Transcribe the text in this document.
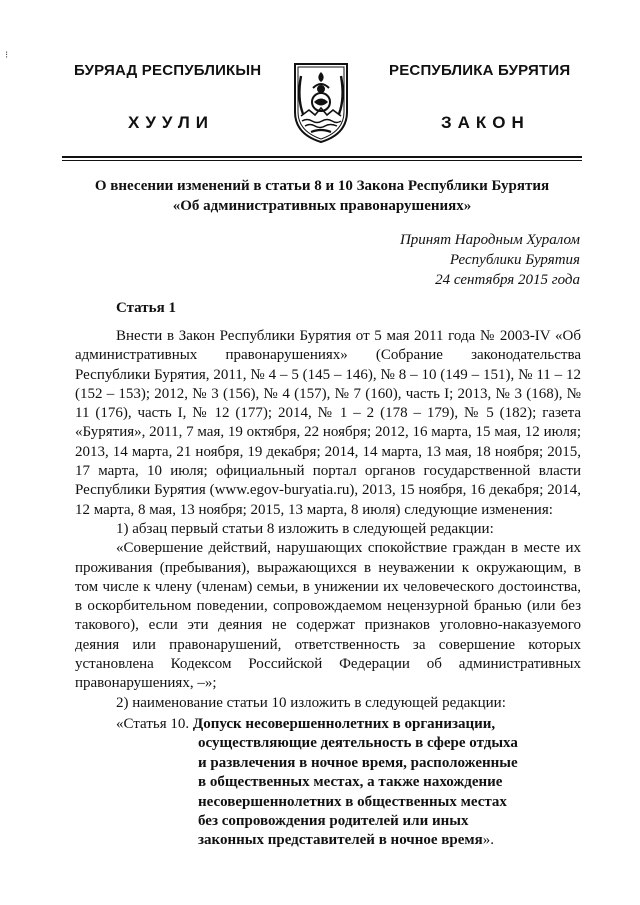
⁝
БУРЯАД РЕСПУБЛИКЫН
ХУУЛИ
РЕСПУБЛИКА БУРЯТИЯ
ЗАКОН
О внесении изменений в статьи 8 и 10 Закона Республики Бурятия
«Об административных правонарушениях»
Принят Народным Хуралом
Республики Бурятия
24 сентября 2015 года
Статья 1

Внести в Закон Республики Бурятия от 5 мая 2011 года № 2003-IV «Об административных правонарушениях» (Собрание законодательства Республики Бурятия, 2011, № 4 – 5 (145 – 146), № 8 – 10 (149 – 151), № 11 – 12 (152 – 153); 2012, № 3 (156), № 4 (157), № 7 (160), часть I; 2013, № 3 (168), № 11 (176), часть I, № 12 (177); 2014, № 1 – 2 (178 – 179), № 5 (182); газета «Бурятия», 2011, 7 мая, 19 октября, 22 ноября; 2012, 16 марта, 15 мая, 12 июля; 2013, 14 марта, 21 ноября, 19 декабря; 2014, 14 марта, 13 мая, 18 ноября; 2015, 17 марта, 10 июля; официальный портал органов государственной власти Республики Бурятия (www.egov-buryatia.ru), 2013, 15 ноября, 16 декабря; 2014, 12 марта, 8 мая, 13 ноября; 2015, 13 марта, 8 июля) следующие изменения:

1) абзац первый статьи 8 изложить в следующей редакции:

«Совершение действий, нарушающих спокойствие граждан в месте их проживания (пребывания), выражающихся в неуважении к окружающим, в том числе к члену (членам) семьи, в унижении их человеческого достоинства, в оскорбительном поведении, сопровождаемом нецензурной бранью (или без такового), если эти деяния не содержат признаков уголовно-наказуемого деяния или правонарушений, ответственность за совершение которых установлена Кодексом Российской Федерации об административных правонарушениях, –»;

2) наименование статьи 10 изложить в следующей редакции:

«Статья 10. Допуск несовершеннолетних в организации,
осуществляющие деятельность в сфере отдыха
и развлечения в ночное время, расположенные
в общественных местах, а также нахождение
несовершеннолетних в общественных местах
без сопровождения родителей или иных
законных представителей в ночное время».
